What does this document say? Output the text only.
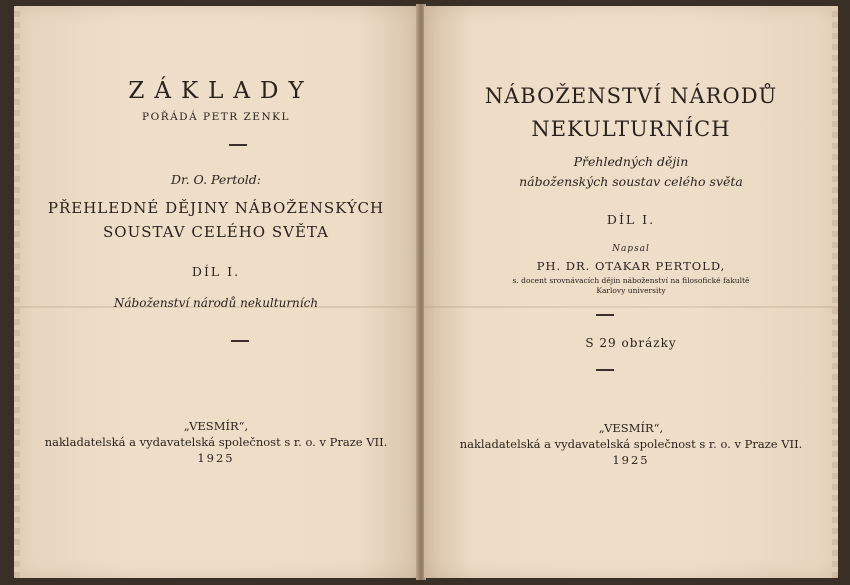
ZÁKLADY
POŘÁDÁ PETR ZENKL
Dr. O. Pertold:
PŘEHLEDNÉ DĚJINY NÁBOŽENSKÝCH
SOUSTAV CELÉHO SVĚTA
DÍL I.
Náboženství národů nekulturních
„VESMÍR“,
nakladatelská a vydavatelská společnost s r. o. v Praze VII.
1925
NÁBOŽENSTVÍ NÁRODŮ
NEKULTURNÍCH
Přehledných dějin
náboženských soustav celého světa
DÍL I.
Napsal
PH. DR. OTAKAR PERTOLD,
s. docent srovnávacích dějin náboženství na filosofické fakultě
Karlovy university
S 29 obrázky
„VESMÍR“,
nakladatelská a vydavatelská společnost s r. o. v Praze VII.
1925
